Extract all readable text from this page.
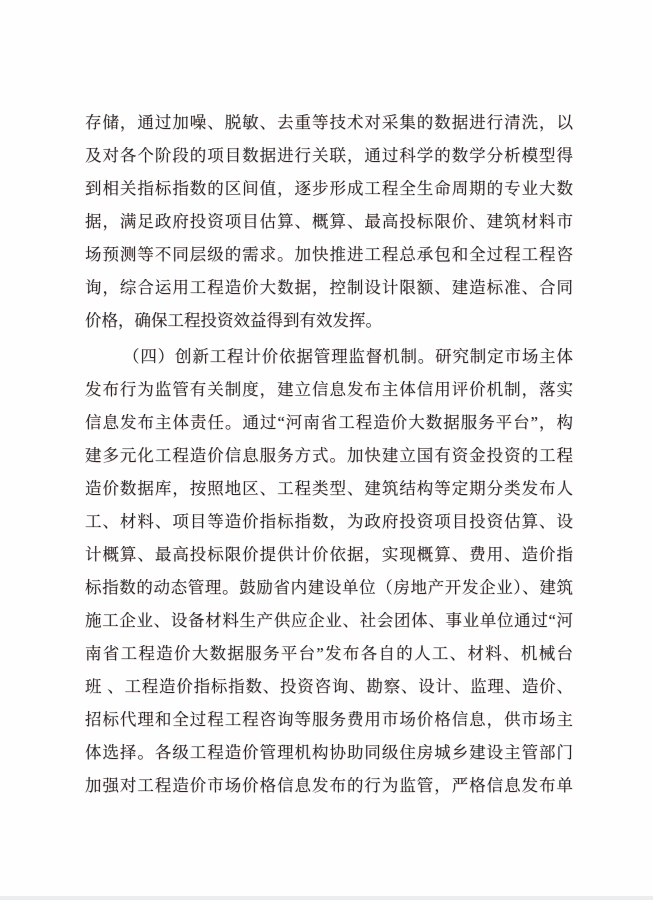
存储，通过加噪、脱敏、去重等技术对采集的数据进行清洗，以
及对各个阶段的项目数据进行关联，通过科学的数学分析模型得
到相关指标指数的区间值，逐步形成工程全生命周期的专业大数
据，满足政府投资项目估算、概算、最高投标限价、建筑材料市
场预测等不同层级的需求。加快推进工程总承包和全过程工程咨
询，综合运用工程造价大数据，控制设计限额、建造标准、合同
价格，确保工程投资效益得到有效发挥。
（四）创新工程计价依据管理监督机制。研究制定市场主体
发布行为监管有关制度，建立信息发布主体信用评价机制，落实
信息发布主体责任。通过“河南省工程造价大数据服务平台”，构
建多元化工程造价信息服务方式。加快建立国有资金投资的工程
造价数据库，按照地区、工程类型、建筑结构等定期分类发布人
工、材料、项目等造价指标指数，为政府投资项目投资估算、设
计概算、最高投标限价提供计价依据，实现概算、费用、造价指
标指数的动态管理。鼓励省内建设单位（房地产开发企业）、建筑
施工企业、设备材料生产供应企业、社会团体、事业单位通过“河
南省工程造价大数据服务平台”发布各自的人工、材料、机械台
班 、工程造价指标指数、投资咨询、勘察、设计、监理、造价、
招标代理和全过程工程咨询等服务费用市场价格信息，供市场主
体选择。各级工程造价管理机构协助同级住房城乡建设主管部门
加强对工程造价市场价格信息发布的行为监管，严格信息发布单
